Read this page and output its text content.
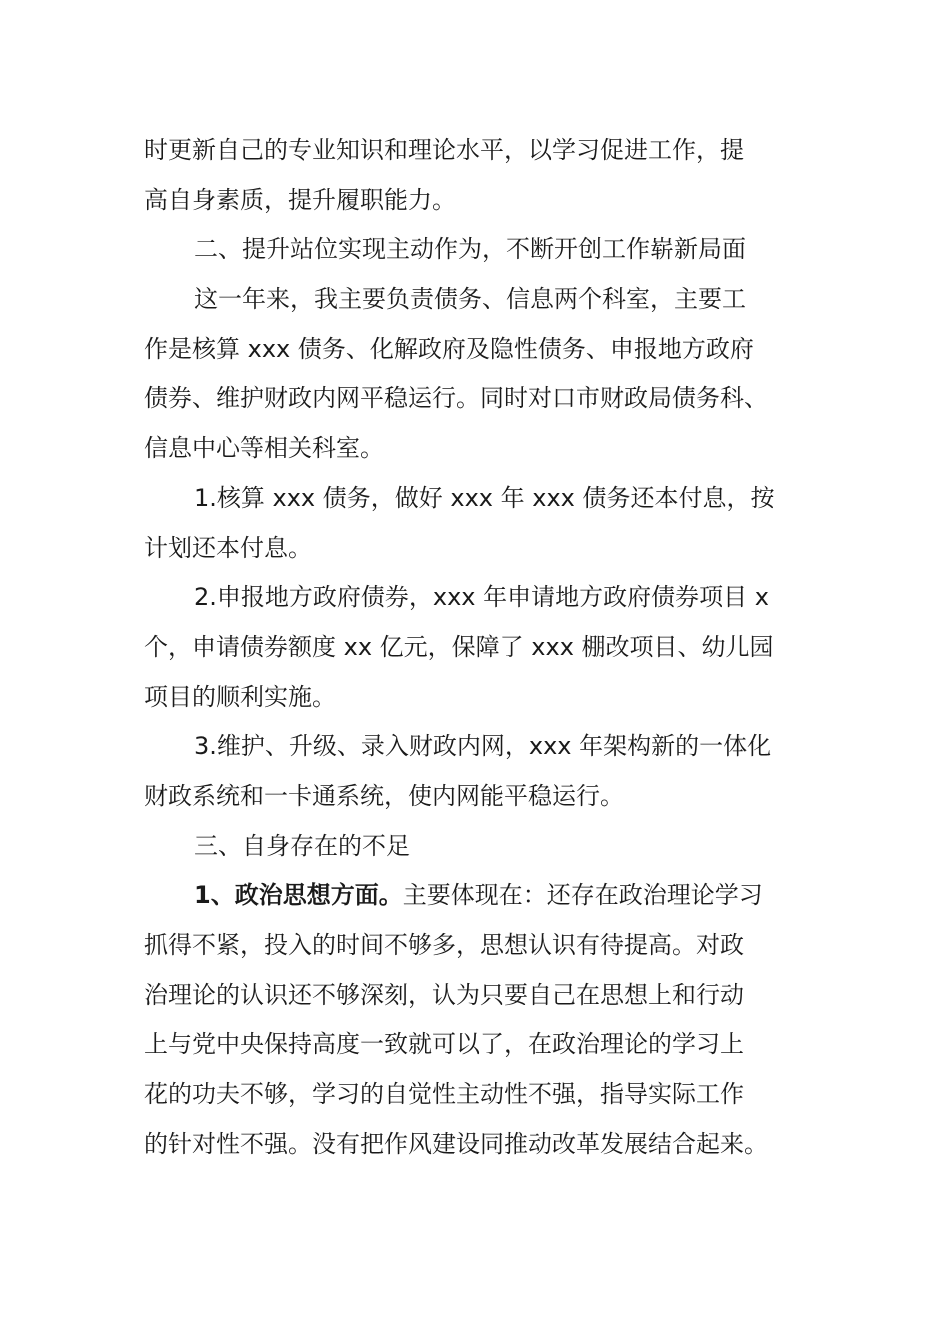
时更新自己的专业知识和理论水平，以学习促进工作，提
高自身素质，提升履职能力。
二、提升站位实现主动作为，不断开创工作崭新局面
这一年来，我主要负责债务、信息两个科室，主要工
作是核算 xxx 债务、化解政府及隐性债务、申报地方政府
债券、维护财政内网平稳运行。同时对口市财政局债务科、
信息中心等相关科室。
1.核算 xxx 债务，做好 xxx 年 xxx 债务还本付息，按
计划还本付息。
2.申报地方政府债券，xxx 年申请地方政府债券项目 x
个，申请债券额度 xx 亿元，保障了 xxx 棚改项目、幼儿园
项目的顺利实施。
3.维护、升级、录入财政内网，xxx 年架构新的一体化
财政系统和一卡通系统，使内网能平稳运行。
三、自身存在的不足
1、政治思想方面。主要体现在：还存在政治理论学习
抓得不紧，投入的时间不够多，思想认识有待提高。对政
治理论的认识还不够深刻，认为只要自己在思想上和行动
上与党中央保持高度一致就可以了，在政治理论的学习上
花的功夫不够，学习的自觉性主动性不强，指导实际工作
的针对性不强。没有把作风建设同推动改革发展结合起来。
